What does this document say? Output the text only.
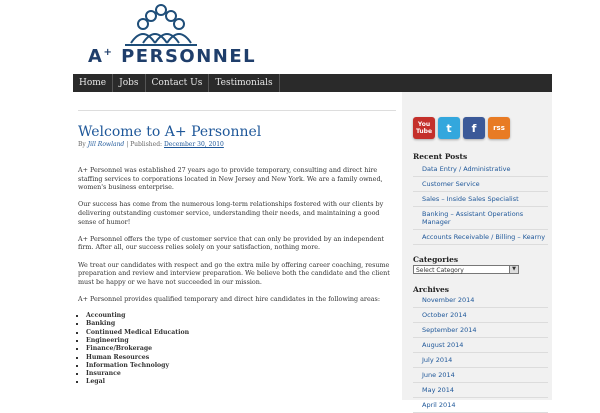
A+ PERSONNEL
Home	Jobs	Contact Us	Testimonials
Welcome to A+ Personnel
By Jill Rowland | Published: December 30, 2010

A+ Personnel was established 27 years ago to provide temporary, consulting and direct hire staffing services to corporations located in New Jersey and New York. We are a family owned, women's business enterprise.

Our success has come from the numerous long-term relationships fostered with our clients by delivering outstanding customer service, understanding their needs, and maintaining a good sense of humor!

A+ Personnel offers the type of customer service that can only be provided by an independent firm. After all, our success relies solely on your satisfaction, nothing more.

We treat our candidates with respect and go the extra mile by offering career coaching, resume preparation and review and interview preparation. We believe both the candidate and the client must be happy or we have not succeeded in our mission.

A+ Personnel provides qualified temporary and direct hire candidates in the following areas:

▪ Accounting
▪ Banking
▪ Continued Medical Education
▪ Engineering
▪ Finance/Brokerage
▪ Human Resources
▪ Information Technology
▪ Insurance
▪ Legal
You Tube	t	f	rss
Recent Posts
Data Entry / Administrative
Customer Service
Sales – Inside Sales Specialist
Banking – Assistant Operations Manager
Accounts Receivable / Billing – Kearny
Categories
Select Category	▼
Archives
November 2014
October 2014
September 2014
August 2014
July 2014
June 2014
May 2014
April 2014
